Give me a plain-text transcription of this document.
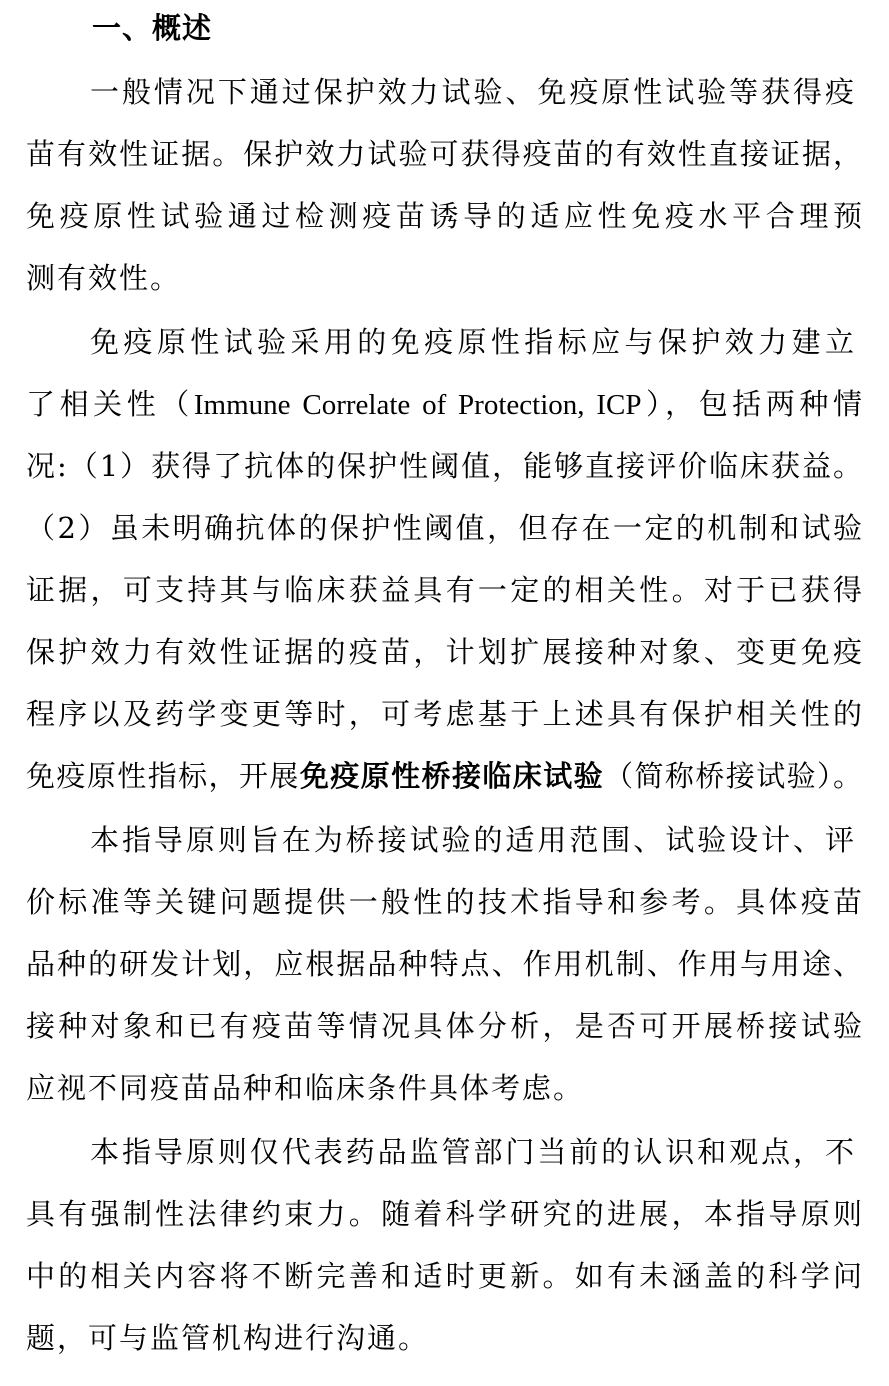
一、概述
一般情况下通过保护效力试验、免疫原性试验等获得疫
苗有效性证据。保护效力试验可获得疫苗的有效性直接证据，
免疫原性试验通过检测疫苗诱导的适应性免疫水平合理预
测有效性。
免疫原性试验采用的免疫原性指标应与保护效力建立
了相关性（Immune Correlate of Protection, ICP），包括两种情
况:（1）获得了抗体的保护性阈值，能够直接评价临床获益。
（2）虽未明确抗体的保护性阈值，但存在一定的机制和试验
证据，可支持其与临床获益具有一定的相关性。对于已获得
保护效力有效性证据的疫苗，计划扩展接种对象、变更免疫
程序以及药学变更等时，可考虑基于上述具有保护相关性的
免疫原性指标，开展免疫原性桥接临床试验（简称桥接试验）。
本指导原则旨在为桥接试验的适用范围、试验设计、评
价标准等关键问题提供一般性的技术指导和参考。具体疫苗
品种的研发计划，应根据品种特点、作用机制、作用与用途、
接种对象和已有疫苗等情况具体分析，是否可开展桥接试验
应视不同疫苗品种和临床条件具体考虑。
本指导原则仅代表药品监管部门当前的认识和观点，不
具有强制性法律约束力。随着科学研究的进展，本指导原则
中的相关内容将不断完善和适时更新。如有未涵盖的科学问
题，可与监管机构进行沟通。
